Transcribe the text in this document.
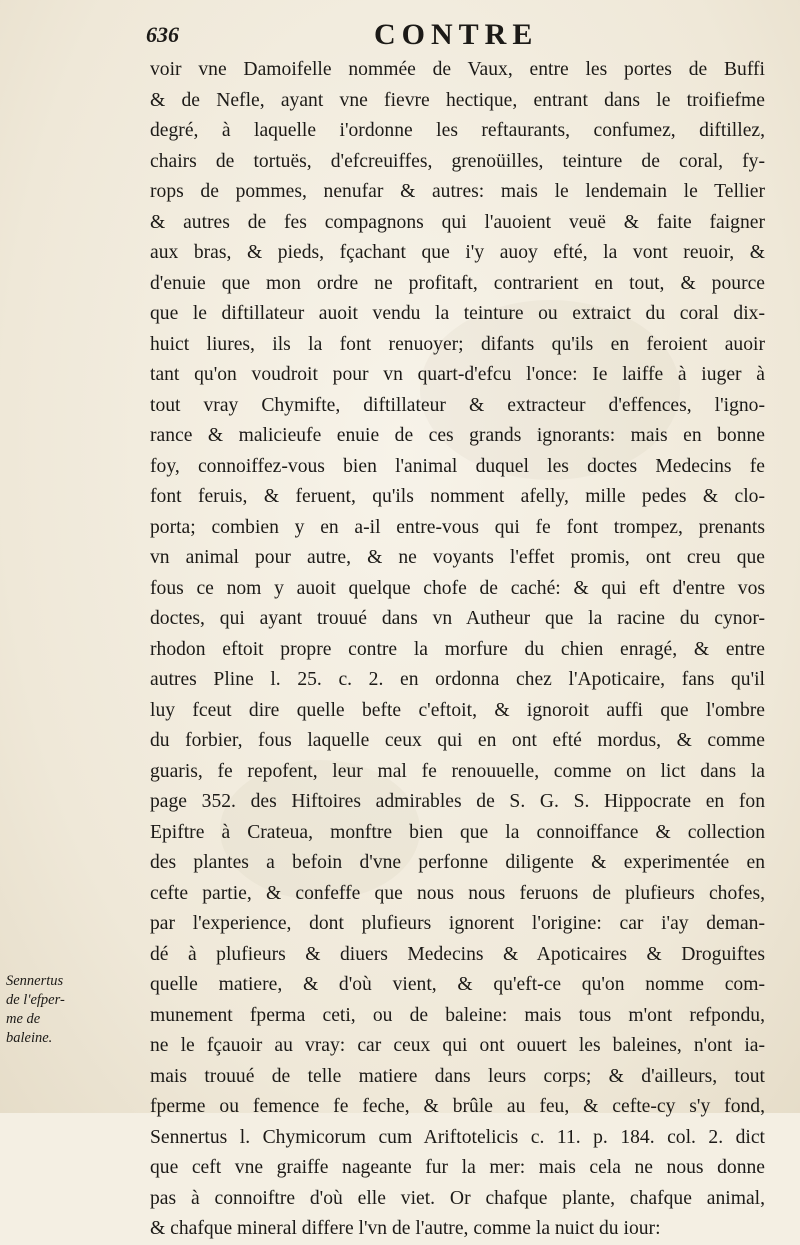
636	CONTRE
voir vne Damoifelle nommée de Vaux, entre les portes de Buffi
& de Nefle, ayant vne fievre hectique, entrant dans le troifiefme
degré, à laquelle i'ordonne les reftaurants, confumez, diftillez,
chairs de tortuës, d'efcreuiffes, grenoüilles, teinture de coral, fy-
rops de pommes, nenufar & autres: mais le lendemain le Tellier
& autres de fes compagnons qui l'auoient veuë & faite faigner
aux bras, & pieds, fçachant que i'y auoy efté, la vont reuoir, &
d'enuie que mon ordre ne profitaft, contrarient en tout, & pource
que le diftillateur auoit vendu la teinture ou extraict du coral dix-
huict liures, ils la font renuoyer; difants qu'ils en feroient auoir
tant qu'on voudroit pour vn quart-d'efcu l'once: Ie laiffe à iuger à
tout vray Chymifte, diftillateur & extracteur d'effences, l'igno-
rance & malicieufe enuie de ces grands ignorants: mais en bonne
foy, connoiffez-vous bien l'animal duquel les doctes Medecins fe
font feruis, & feruent, qu'ils nomment afelly, mille pedes & clo-
porta; combien y en a-il entre-vous qui fe font trompez, prenants
vn animal pour autre, & ne voyants l'effet promis, ont creu que
fous ce nom y auoit quelque chofe de caché: & qui eft d'entre vos
doctes, qui ayant trouué dans vn Autheur que la racine du cynor-
rhodon eftoit propre contre la morfure du chien enragé, & entre
autres Pline l. 25. c. 2. en ordonna chez l'Apoticaire, fans qu'il
luy fceut dire quelle befte c'eftoit, & ignoroit auffi que l'ombre
du forbier, fous laquelle ceux qui en ont efté mordus, & comme
guaris, fe repofent, leur mal fe renouuelle, comme on lict dans la
page 352. des Hiftoires admirables de S. G. S. Hippocrate en fon
Epiftre à Crateua, monftre bien que la connoiffance & collection
des plantes a befoin d'vne perfonne diligente & experimentée en
cefte partie, & confeffe que nous nous feruons de plufieurs chofes,
par l'experience, dont plufieurs ignorent l'origine: car i'ay deman-
dé à plufieurs & diuers Medecins & Apoticaires & Droguiftes
quelle matiere, & d'où vient, & qu'eft-ce qu'on nomme com-
munement fperma ceti, ou de baleine: mais tous m'ont refpondu,
ne le fçauoir au vray: car ceux qui ont ouuert les baleines, n'ont ia-
mais trouué de telle matiere dans leurs corps; & d'ailleurs, tout
fperme ou femence fe feche, & brûle au feu, & cefte-cy s'y fond,
Sennertus l. Chymicorum cum Ariftotelicis c. 11. p. 184. col. 2. dict
que ceft vne graiffe nageante fur la mer: mais cela ne nous donne
pas à connoiftre d'où elle viet. Or chafque plante, chafque animal,
& chafque mineral differe l'vn de l'autre, comme la nuict du iour:
Sennertus
de l'efper-
me de
baleine.
